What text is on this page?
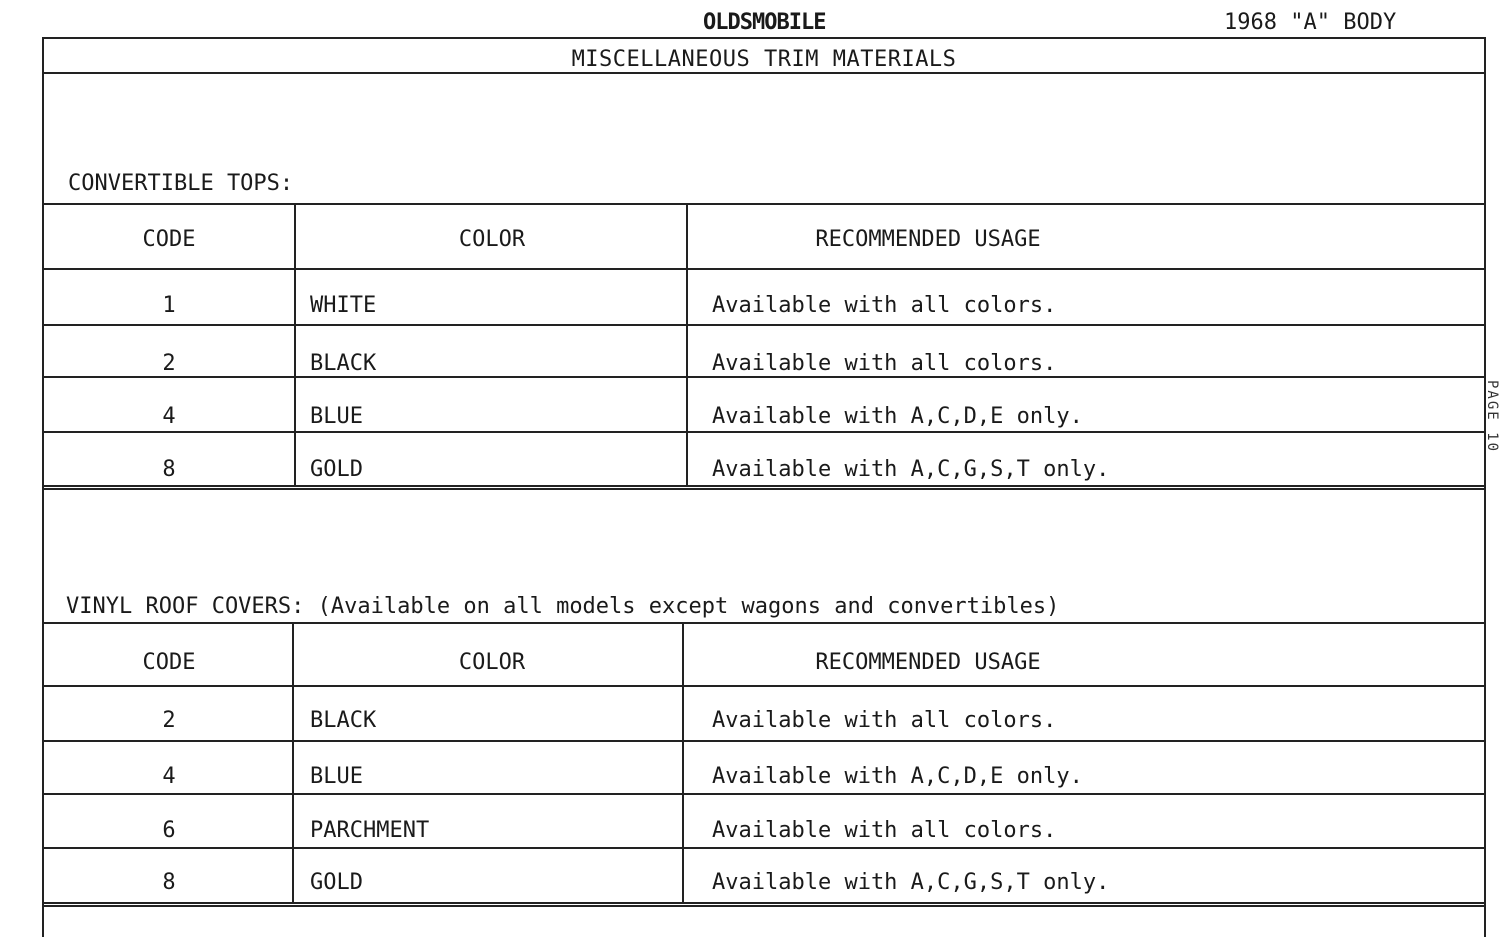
OLDSMOBILE	1968 "A" BODY
MISCELLANEOUS TRIM MATERIALS
CONVERTIBLE TOPS:
CODE	COLOR	RECOMMENDED USAGE
1	WHITE	Available with all colors.
2	BLACK	Available with all colors.
4	BLUE	Available with A,C,D,E only.
8	GOLD	Available with A,C,G,S,T only.
VINYL ROOF COVERS: (Available on all models except wagons and convertibles)
CODE	COLOR	RECOMMENDED USAGE
2	BLACK	Available with all colors.
4	BLUE	Available with A,C,D,E only.
6	PARCHMENT	Available with all colors.
8	GOLD	Available with A,C,G,S,T only.
PAGE 10
